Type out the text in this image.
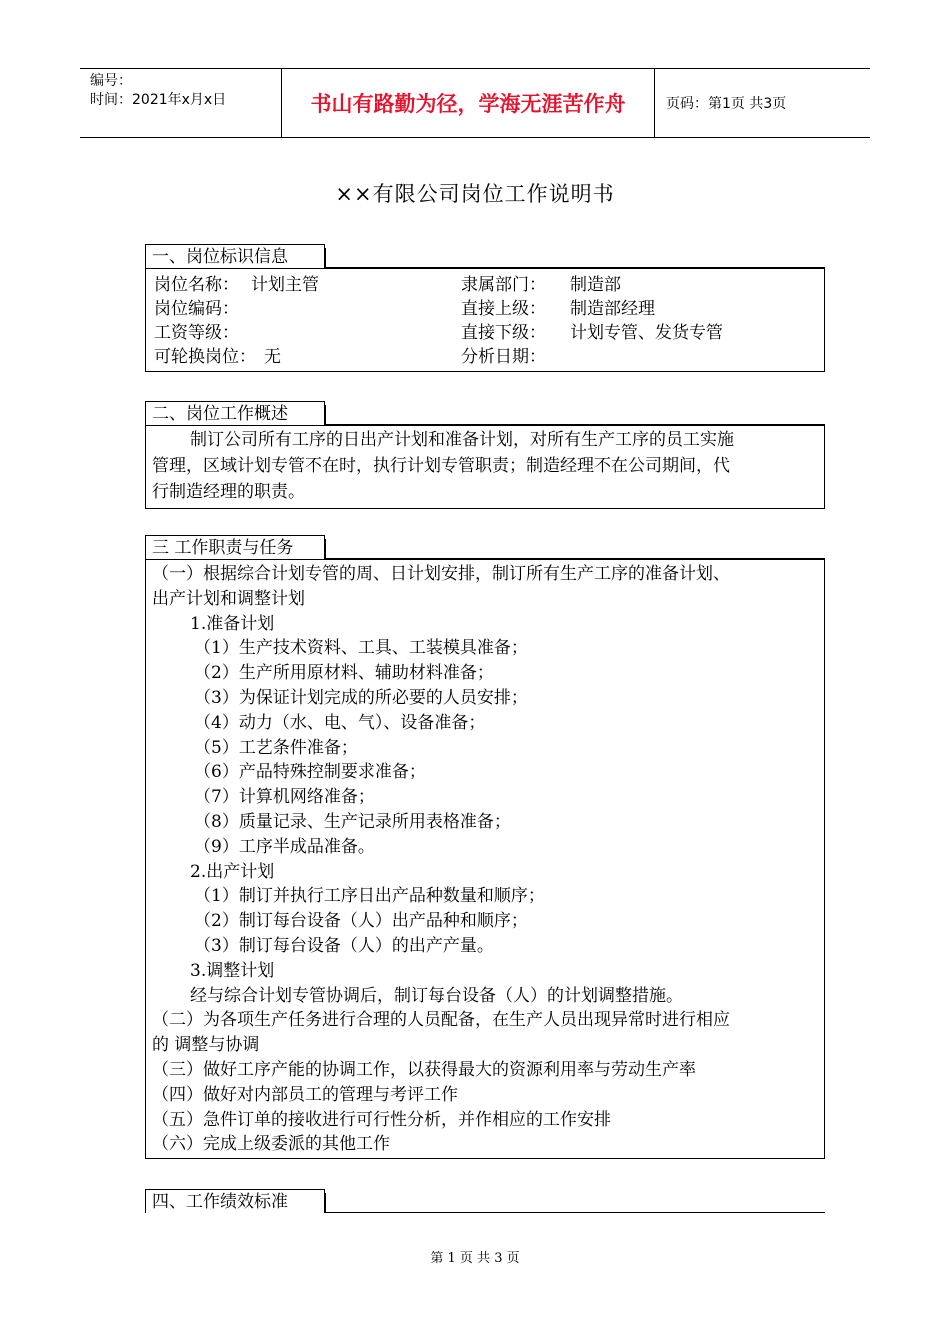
编号：
时间：2021年x月x日	书山有路勤为径，学海无涯苦作舟	页码：第1页 共3页
××有限公司岗位工作说明书
一、岗位标识信息
岗位名称： 计划主管
岗位编码：
工资等级：
可轮换岗位： 无
隶属部门： 制造部
直接上级： 制造部经理
直接下级： 计划专管、发货专管
分析日期：
二、岗位工作概述
制订公司所有工序的日出产计划和准备计划，对所有生产工序的员工实施
管理，区域计划专管不在时，执行计划专管职责；制造经理不在公司期间，代
行制造经理的职责。
三 工作职责与任务
（一）根据综合计划专管的周、日计划安排，制订所有生产工序的准备计划、
出产计划和调整计划
1.准备计划
（1）生产技术资料、工具、工装模具准备；
（2）生产所用原材料、辅助材料准备；
（3）为保证计划完成的所必要的人员安排；
（4）动力（水、电、气）、设备准备；
（5）工艺条件准备；
（6）产品特殊控制要求准备；
（7）计算机网络准备；
（8）质量记录、生产记录所用表格准备；
（9）工序半成品准备。
2.出产计划
（1）制订并执行工序日出产品种数量和顺序；
（2）制订每台设备（人）出产品种和顺序；
（3）制订每台设备（人）的出产产量。
3.调整计划
经与综合计划专管协调后，制订每台设备（人）的计划调整措施。
（二）为各项生产任务进行合理的人员配备，在生产人员出现异常时进行相应
的 调整与协调
（三）做好工序产能的协调工作，以获得最大的资源利用率与劳动生产率
（四）做好对内部员工的管理与考评工作
（五）急件订单的接收进行可行性分析，并作相应的工作安排
（六）完成上级委派的其他工作
四、工作绩效标准
第 1 页 共 3 页
